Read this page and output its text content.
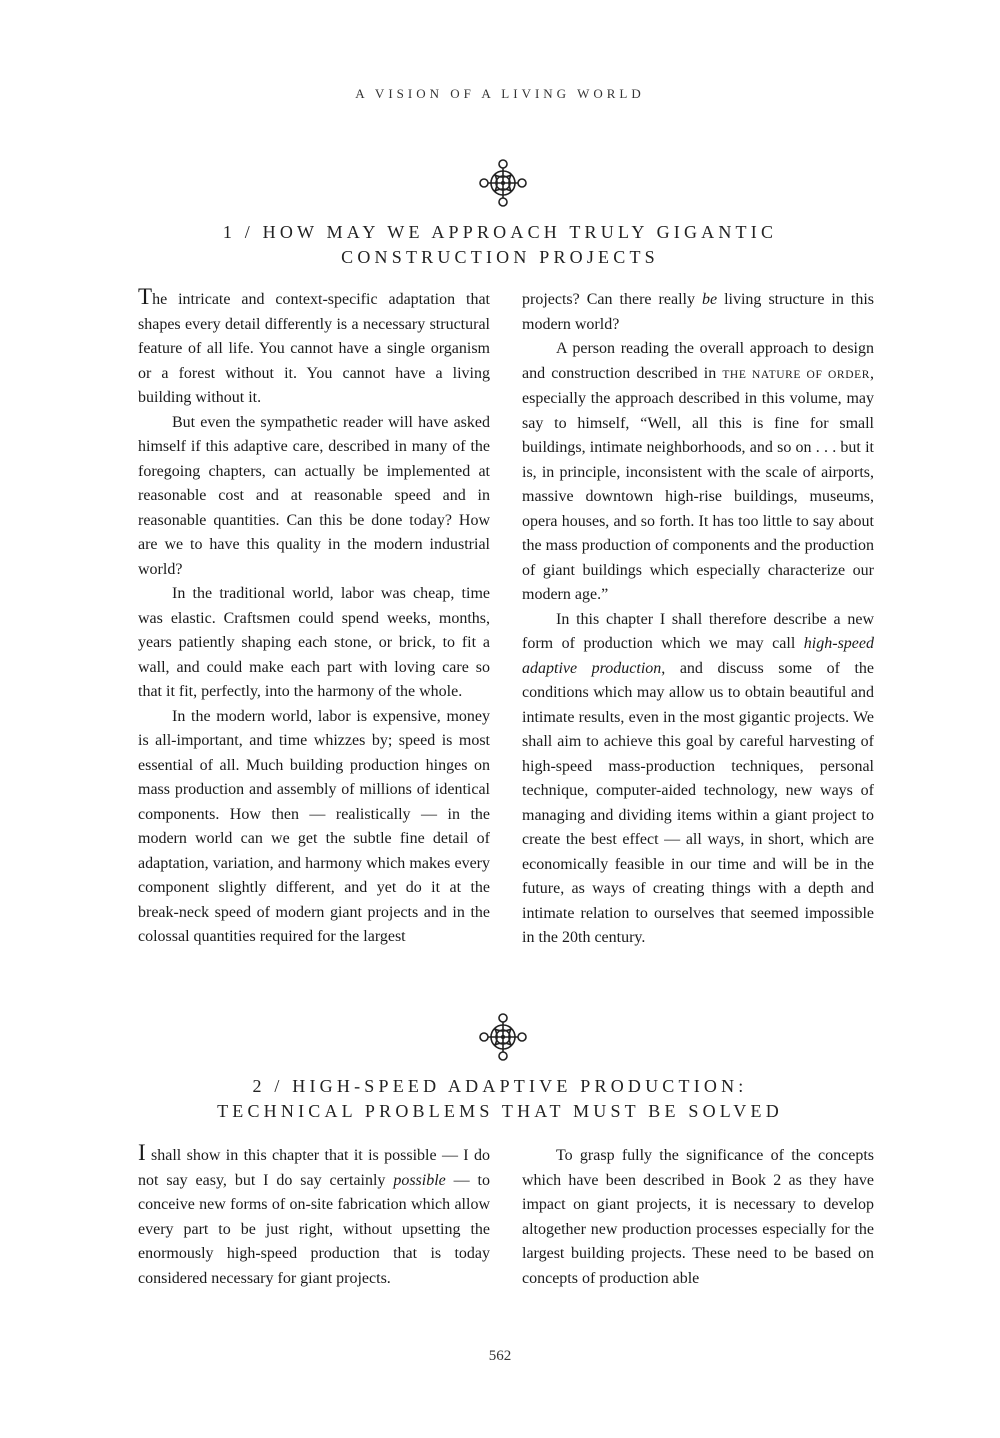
A VISION OF A LIVING WORLD
1 / HOW MAY WE APPROACH TRULY GIGANTIC
CONSTRUCTION PROJECTS

The intricate and context-specific adaptation that shapes every detail differently is a necessary structural feature of all life. You cannot have a single organism or a forest without it. You cannot have a living building without it.

But even the sympathetic reader will have asked himself if this adaptive care, described in many of the foregoing chapters, can actually be implemented at reasonable cost and at reasonable speed and in reasonable quantities. Can this be done today? How are we to have this quality in the modern industrial world?

In the traditional world, labor was cheap, time was elastic. Craftsmen could spend weeks, months, years patiently shaping each stone, or brick, to fit a wall, and could make each part with loving care so that it fit, perfectly, into the harmony of the whole.

In the modern world, labor is expensive, money is all-important, and time whizzes by; speed is most essential of all. Much building production hinges on mass production and assembly of millions of identical components. How then — realistically — in the modern world can we get the subtle fine detail of adaptation, variation, and harmony which makes every component slightly different, and yet do it at the break-neck speed of modern giant projects and in the colossal quantities required for the largest

projects? Can there really be living structure in this modern world?

A person reading the overall approach to design and construction described in THE NATURE OF ORDER, especially the approach described in this volume, may say to himself, “Well, all this is fine for small buildings, intimate neighborhoods, and so on . . . but it is, in principle, inconsistent with the scale of airports, massive downtown high-rise buildings, museums, opera houses, and so forth. It has too little to say about the mass production of components and the production of giant buildings which especially characterize our modern age.”

In this chapter I shall therefore describe a new form of production which we may call high-speed adaptive production, and discuss some of the conditions which may allow us to obtain beautiful and intimate results, even in the most gigantic projects. We shall aim to achieve this goal by careful harvesting of high-speed mass-production techniques, personal technique, computer-aided technology, new ways of managing and dividing items within a giant project to create the best effect — all ways, in short, which are economically feasible in our time and will be in the future, as ways of creating things with a depth and intimate relation to ourselves that seemed impossible in the 20th century.

2 / HIGH-SPEED ADAPTIVE PRODUCTION:
TECHNICAL PROBLEMS THAT MUST BE SOLVED

I shall show in this chapter that it is possible — I do not say easy, but I do say certainly possible — to conceive new forms of on-site fabrication which allow every part to be just right, without upsetting the enormously high-speed production that is today considered necessary for giant projects.

To grasp fully the significance of the concepts which have been described in Book 2 as they have impact on giant projects, it is necessary to develop altogether new production processes especially for the largest building projects. These need to be based on concepts of production able

562
